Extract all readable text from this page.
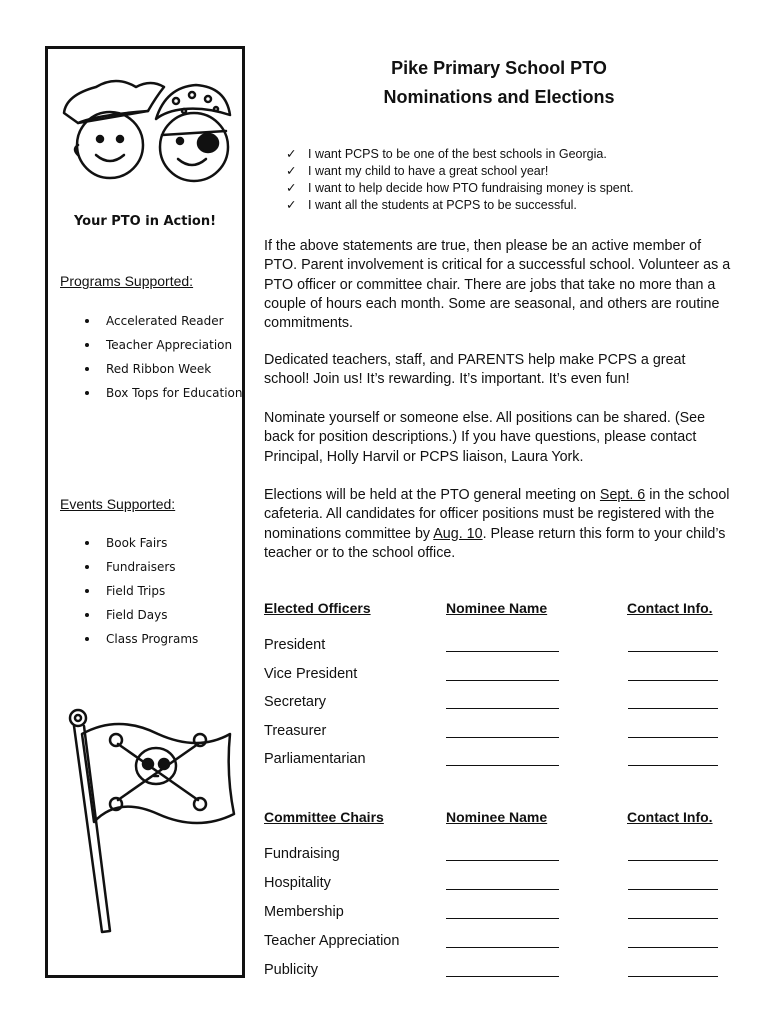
Your PTO in Action!
Programs Supported:
Accelerated Reader
Teacher Appreciation
Red Ribbon Week
Box Tops for Education
Events Supported:
Book Fairs
Fundraisers
Field Trips
Field Days
Class Programs
Pike Primary School PTO
Nominations and Elections
✓ I want PCPS to be one of the best schools in Georgia.
✓ I want my child to have a great school year!
✓ I want to help decide how PTO fundraising money is spent.
✓ I want all the students at PCPS to be successful.
If the above statements are true, then please be an active member of PTO. Parent involvement is critical for a successful school. Volunteer as a PTO officer or committee chair. There are jobs that take no more than a couple of hours each month. Some are seasonal, and others are routine commitments.
Dedicated teachers, staff, and PARENTS help make PCPS a great school! Join us! It’s rewarding. It’s important. It’s even fun!
Nominate yourself or someone else. All positions can be shared. (See back for position descriptions.) If you have questions, please contact Principal, Holly Harvil or PCPS liaison, Laura York.
Elections will be held at the PTO general meeting on Sept. 6 in the school cafeteria. All candidates for officer positions must be registered with the nominations committee by Aug. 10. Please return this form to your child’s teacher or to the school office.
Elected Officers	Nominee Name	Contact Info.
President
Vice President
Secretary
Treasurer
Parliamentarian
Committee Chairs	Nominee Name	Contact Info.
Fundraising
Hospitality
Membership
Teacher Appreciation
Publicity
